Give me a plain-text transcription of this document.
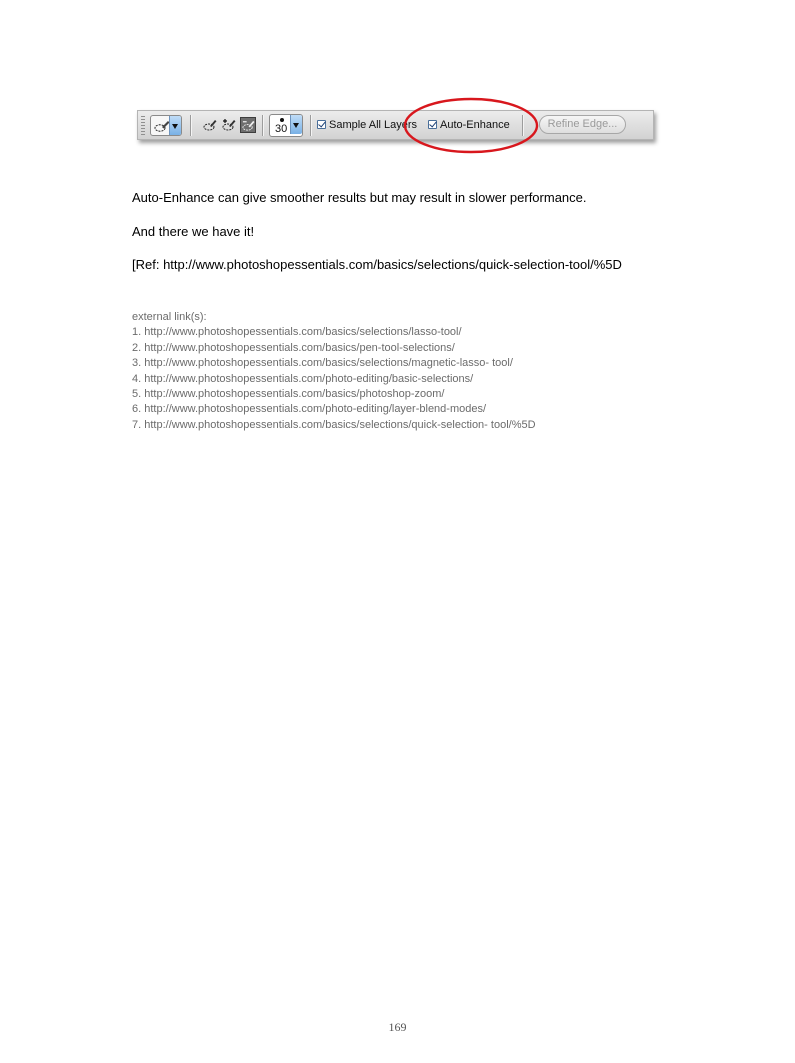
30	Sample All Layers Auto-Enhance	Refine Edge...
Auto-Enhance can give smoother results but may result in slower performance.
And there we have it!
[Ref: http://www.photoshopessentials.com/basics/selections/quick-selection-tool/%5D
external link(s):
1. http://www.photoshopessentials.com/basics/selections/lasso-tool/
2. http://www.photoshopessentials.com/basics/pen-tool-selections/
3. http://www.photoshopessentials.com/basics/selections/magnetic-lasso- tool/
4. http://www.photoshopessentials.com/photo-editing/basic-selections/
5. http://www.photoshopessentials.com/basics/photoshop-zoom/
6. http://www.photoshopessentials.com/photo-editing/layer-blend-modes/
7. http://www.photoshopessentials.com/basics/selections/quick-selection- tool/%5D
169
